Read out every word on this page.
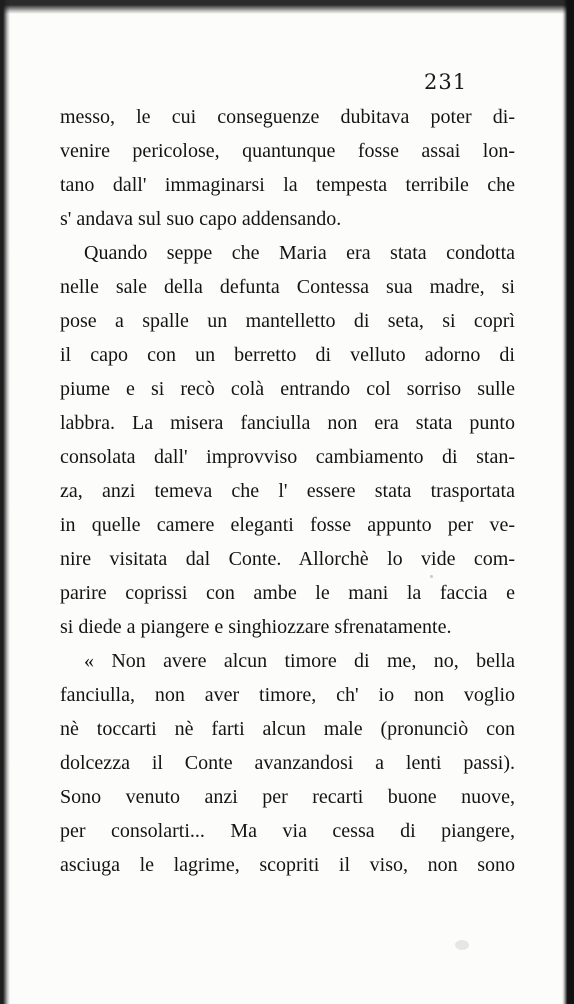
231
messo, le cui conseguenze dubitava poter di-
venire pericolose, quantunque fosse assai lon-
tano dall' immaginarsi la tempesta terribile che
s' andava sul suo capo addensando.
Quando seppe che Maria era stata condotta
nelle sale della defunta Contessa sua madre, si
pose a spalle un mantelletto di seta, si coprì
il capo con un berretto di velluto adorno di
piume e si recò colà entrando col sorriso sulle
labbra. La misera fanciulla non era stata punto
consolata dall' improvviso cambiamento di stan-
za, anzi temeva che l' essere stata trasportata
in quelle camere eleganti fosse appunto per ve-
nire visitata dal Conte. Allorchè lo vide com-
parire coprissi con ambe le mani la faccia e
si diede a piangere e singhiozzare sfrenatamente.
« Non avere alcun timore di me, no, bella
fanciulla, non aver timore, ch' io non voglio
nè toccarti nè farti alcun male (pronunciò con
dolcezza il Conte avanzandosi a lenti passi).
Sono venuto anzi per recarti buone nuove,
per consolarti... Ma via cessa di piangere,
asciuga le lagrime, scopriti il viso, non sono
